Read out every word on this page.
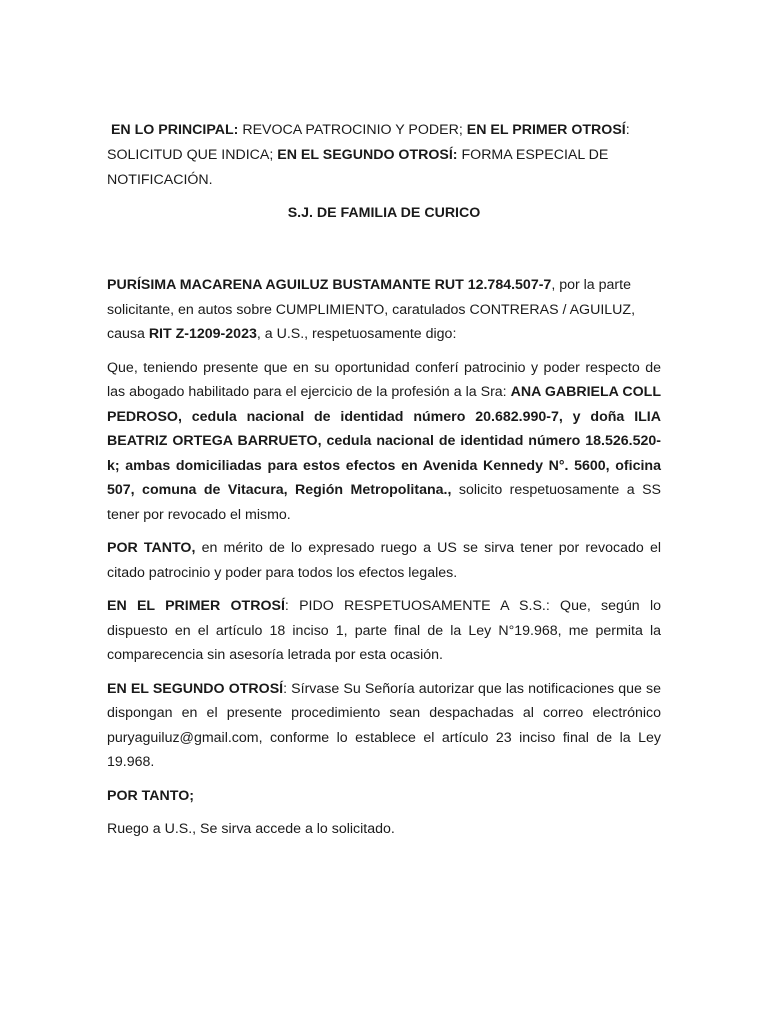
EN LO PRINCIPAL: REVOCA PATROCINIO Y PODER; EN EL PRIMER OTROSÍ: SOLICITUD QUE INDICA; EN EL SEGUNDO OTROSÍ: FORMA ESPECIAL DE NOTIFICACIÓN.

S.J. DE FAMILIA DE CURICO

PURÍSIMA MACARENA AGUILUZ BUSTAMANTE RUT 12.784.507-7, por la parte solicitante, en autos sobre CUMPLIMIENTO, caratulados CONTRERAS / AGUILUZ, causa RIT Z-1209-2023, a U.S., respetuosamente digo:

Que, teniendo presente que en su oportunidad conferí patrocinio y poder respecto de las abogado habilitado para el ejercicio de la profesión a la Sra: ANA GABRIELA COLL PEDROSO, cedula nacional de identidad número 20.682.990-7, y doña ILIA BEATRIZ ORTEGA BARRUETO, cedula nacional de identidad número 18.526.520-k; ambas domiciliadas para estos efectos en Avenida Kennedy N°. 5600, oficina 507, comuna de Vitacura, Región Metropolitana., solicito respetuosamente a SS tener por revocado el mismo.

POR TANTO, en mérito de lo expresado ruego a US se sirva tener por revocado el citado patrocinio y poder para todos los efectos legales.

EN EL PRIMER OTROSÍ: PIDO RESPETUOSAMENTE A S.S.: Que, según lo dispuesto en el artículo 18 inciso 1, parte final de la Ley N°19.968, me permita la comparecencia sin asesoría letrada por esta ocasión.

EN EL SEGUNDO OTROSÍ: Sírvase Su Señoría autorizar que las notificaciones que se dispongan en el presente procedimiento sean despachadas al correo electrónico puryaguiluz@gmail.com, conforme lo establece el artículo 23 inciso final de la Ley 19.968.

POR TANTO;

Ruego a U.S., Se sirva accede a lo solicitado.
